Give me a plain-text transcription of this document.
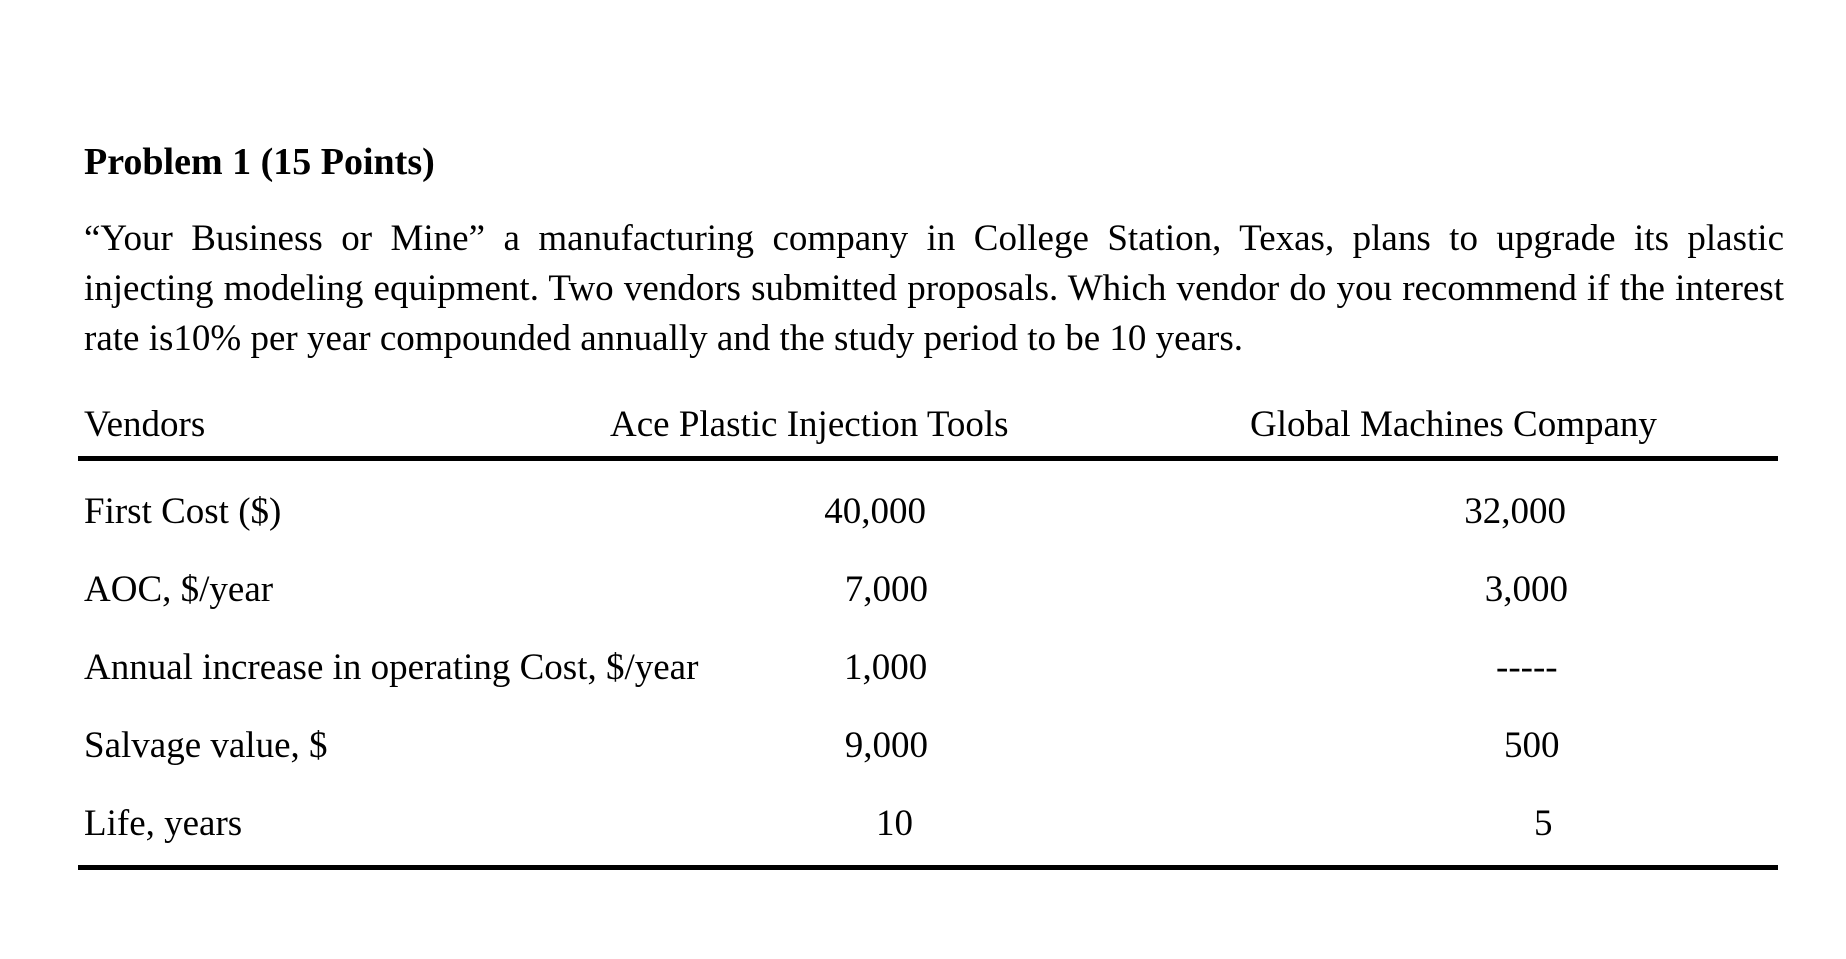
Problem 1 (15 Points)

“Your Business or Mine” a manufacturing company in College Station, Texas, plans to upgrade its plastic injecting modeling equipment. Two vendors submitted proposals. Which vendor do you recommend if the interest rate is10% per year compounded annually and the study period to be 10 years.

Vendors	Ace Plastic Injection Tools	Global Machines Company
First Cost ($)	40,000	32,000
AOC, $/year	7,000	3,000
Annual increase in operating Cost, $/year	1,000	-----
Salvage value, $	9,000	500
Life, years	10	5
